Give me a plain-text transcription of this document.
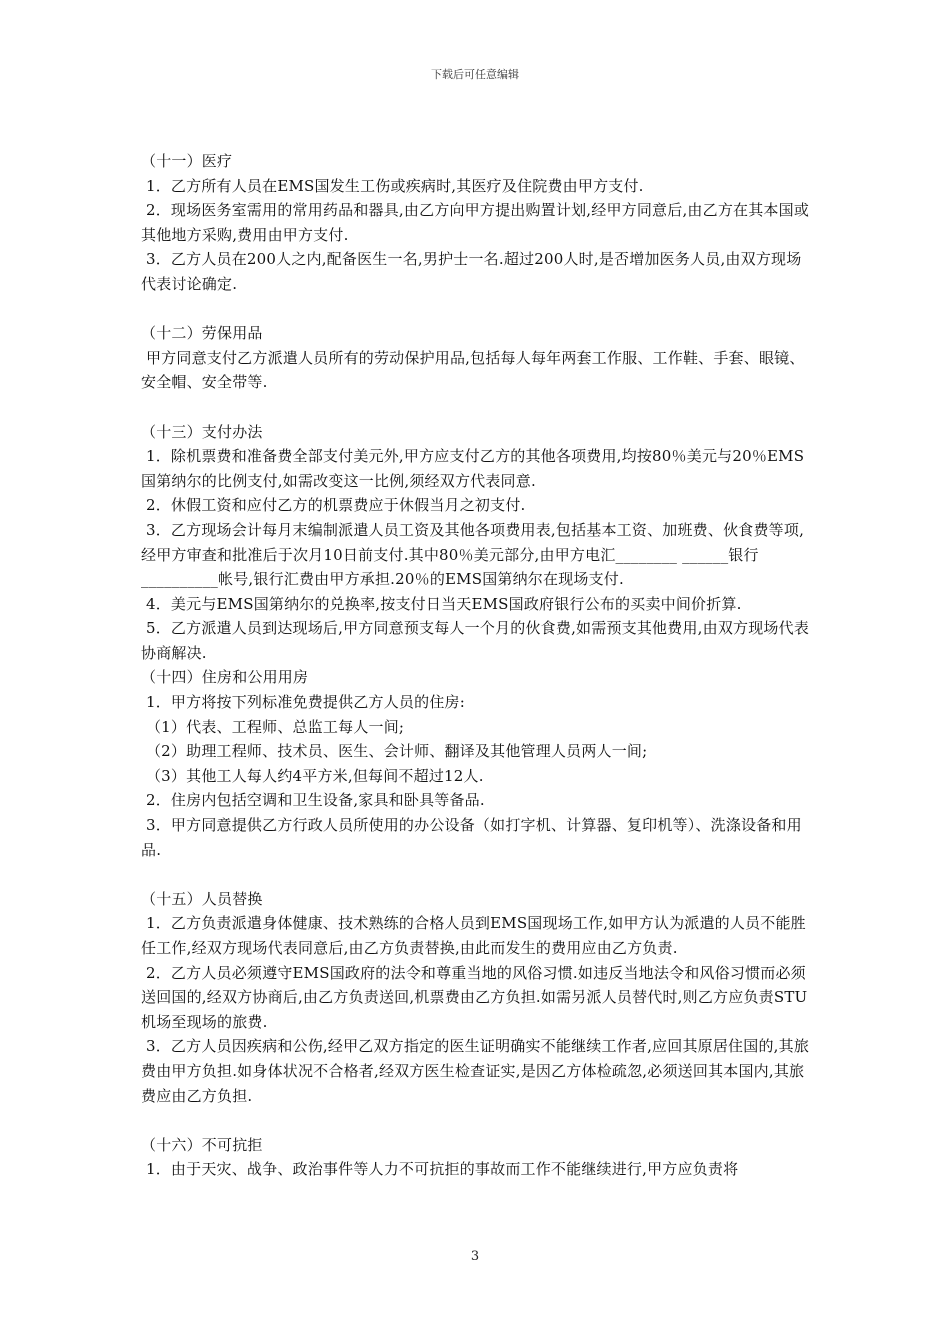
下载后可任意编辑

（十一）医疗

1．乙方所有人员在EMS国发生工伤或疾病时,其医疗及住院费由甲方支付.

2．现场医务室需用的常用药品和器具,由乙方向甲方提出购置计划,经甲方同意后,由乙方在其本国或其他地方采购,费用由甲方支付.

3．乙方人员在200人之内,配备医生一名,男护士一名.超过200人时,是否增加医务人员,由双方现场代表讨论确定.

（十二）劳保用品

甲方同意支付乙方派遣人员所有的劳动保护用品,包括每人每年两套工作服、工作鞋、手套、眼镜、安全帽、安全带等.

（十三）支付办法

1．除机票费和准备费全部支付美元外,甲方应支付乙方的其他各项费用,均按80％美元与20％EMS国第纳尔的比例支付,如需改变这一比例,须经双方代表同意.

2．休假工资和应付乙方的机票费应于休假当月之初支付.

3．乙方现场会计每月末编制派遣人员工资及其他各项费用表,包括基本工资、加班费、伙食费等项,经甲方审查和批准后于次月10日前支付.其中80％美元部分,由甲方电汇________ ______银行__________帐号,银行汇费由甲方承担.20％的EMS国第纳尔在现场支付.

4．美元与EMS国第纳尔的兑换率,按支付日当天EMS国政府银行公布的买卖中间价折算.

5．乙方派遣人员到达现场后,甲方同意预支每人一个月的伙食费,如需预支其他费用,由双方现场代表协商解决.

（十四）住房和公用用房

1．甲方将按下列标准免费提供乙方人员的住房:

（1）代表、工程师、总监工每人一间;

（2）助理工程师、技术员、医生、会计师、翻译及其他管理人员两人一间;

（3）其他工人每人约4平方米,但每间不超过12人.

2．住房内包括空调和卫生设备,家具和卧具等备品.

3．甲方同意提供乙方行政人员所使用的办公设备（如打字机、计算器、复印机等）、洗涤设备和用品.

（十五）人员替换

1．乙方负责派遣身体健康、技术熟练的合格人员到EMS国现场工作,如甲方认为派遣的人员不能胜任工作,经双方现场代表同意后,由乙方负责替换,由此而发生的费用应由乙方负责.

2．乙方人员必须遵守EMS国政府的法令和尊重当地的风俗习惯.如违反当地法令和风俗习惯而必须送回国的,经双方协商后,由乙方负责送回,机票费由乙方负担.如需另派人员替代时,则乙方应负责STU机场至现场的旅费.

3．乙方人员因疾病和公伤,经甲乙双方指定的医生证明确实不能继续工作者,应回其原居住国的,其旅费由甲方负担.如身体状况不合格者,经双方医生检查证实,是因乙方体检疏忽,必须送回其本国内,其旅费应由乙方负担.

（十六）不可抗拒

1．由于天灾、战争、政治事件等人力不可抗拒的事故而工作不能继续进行,甲方应负责将

3
